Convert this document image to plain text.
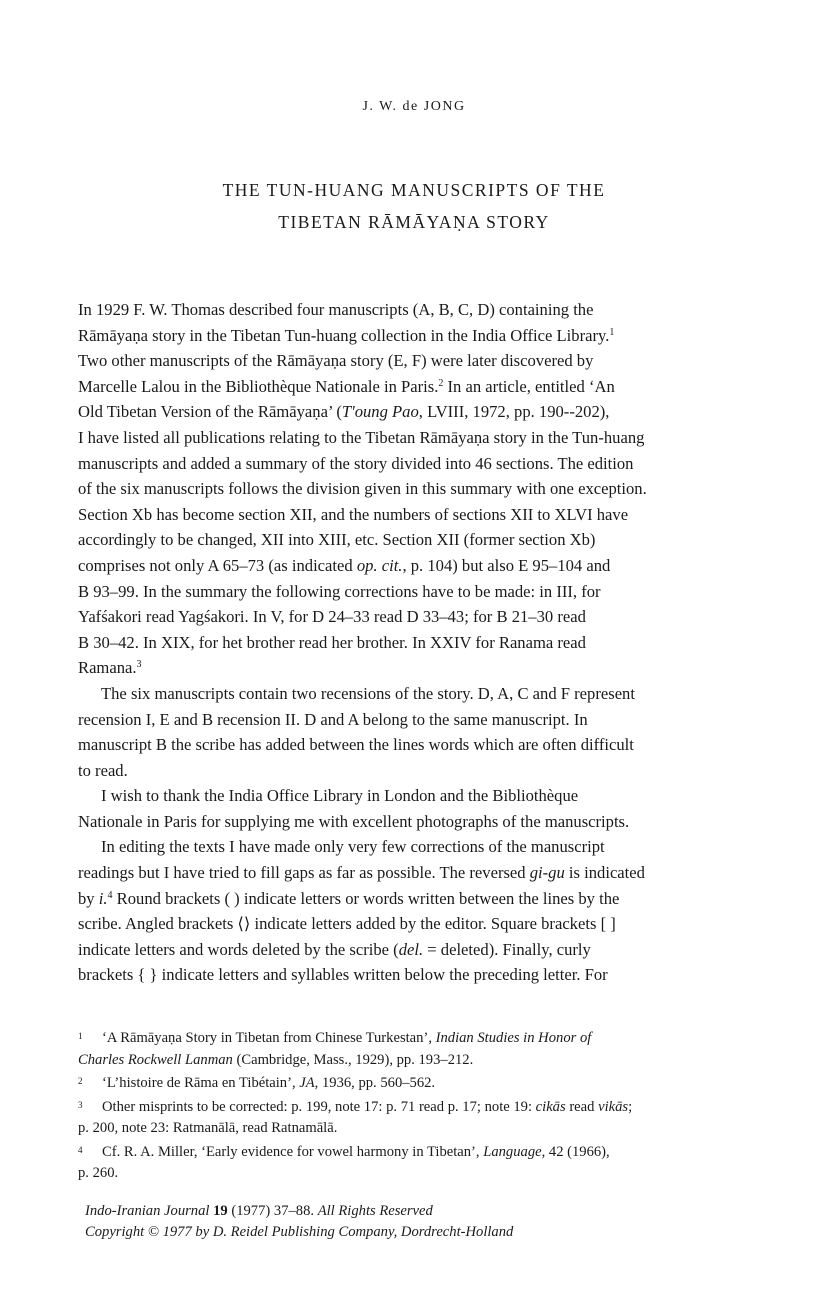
J. W. de JONG
THE TUN-HUANG MANUSCRIPTS OF THE
TIBETAN RĀMĀYAṆA STORY

In 1929 F. W. Thomas described four manuscripts (A, B, C, D) containing the

Rāmāyaṇa story in the Tibetan Tun-huang collection in the India Office Library.$^1$

Two other manuscripts of the Rāmāyaṇa story (E, F) were later discovered by

Marcelle Lalou in the Bibliothèque Nationale in Paris.$^2$ In an article, entitled ‘An

Old Tibetan Version of the Rāmāyaṇa’ (T'oung Pao, LVIII, 1972, pp. 190--202),

I have listed all publications relating to the Tibetan Rāmāyaṇa story in the Tun-huang

manuscripts and added a summary of the story divided into 46 sections. The edition

of the six manuscripts follows the division given in this summary with one exception.

Section Xb has become section XII, and the numbers of sections XII to XLVI have

accordingly to be changed, XII into XIII, etc. Section XII (former section Xb)

comprises not only A 65–73 (as indicated op. cit., p. 104) but also E 95–104 and

B 93–99. In the summary the following corrections have to be made: in III, for

Yafśakori read Yagśakori. In V, for D 24–33 read D 33–43; for B 21–30 read

B 30–42. In XIX, for het brother read her brother. In XXIV for Ranama read

Ramana.$^3$

The six manuscripts contain two recensions of the story. D, A, C and F represent

recension I, E and B recension II. D and A belong to the same manuscript. In

manuscript B the scribe has added between the lines words which are often difficult

to read.

I wish to thank the India Office Library in London and the Bibliothèque

Nationale in Paris for supplying me with excellent photographs of the manuscripts.

In editing the texts I have made only very few corrections of the manuscript

readings but I have tried to fill gaps as far as possible. The reversed gi-gu is indicated

by i.$^4$ Round brackets ( ) indicate letters or words written between the lines by the

scribe. Angled brackets ⟨⟩ indicate letters added by the editor. Square brackets [ ]

indicate letters and words deleted by the scribe (del. = deleted). Finally, curly

brackets { } indicate letters and syllables written below the preceding letter. For

1 ‘A Rāmāyaṇa Story in Tibetan from Chinese Turkestan’, Indian Studies in Honor of
Charles Rockwell Lanman (Cambridge, Mass., 1929), pp. 193–212.
2 ‘L’histoire de Rāma en Tibétain’, JA, 1936, pp. 560–562.
3 Other misprints to be corrected: p. 199, note 17: p. 71 read p. 17; note 19: cikās read vikās;
p. 200, note 23: Ratmanālā, read Ratnamālā.
4 Cf. R. A. Miller, ‘Early evidence for vowel harmony in Tibetan’, Language, 42 (1966),
p. 260.
Indo-Iranian Journal 19 (1977) 37–88. All Rights Reserved
Copyright © 1977 by D. Reidel Publishing Company, Dordrecht-Holland
